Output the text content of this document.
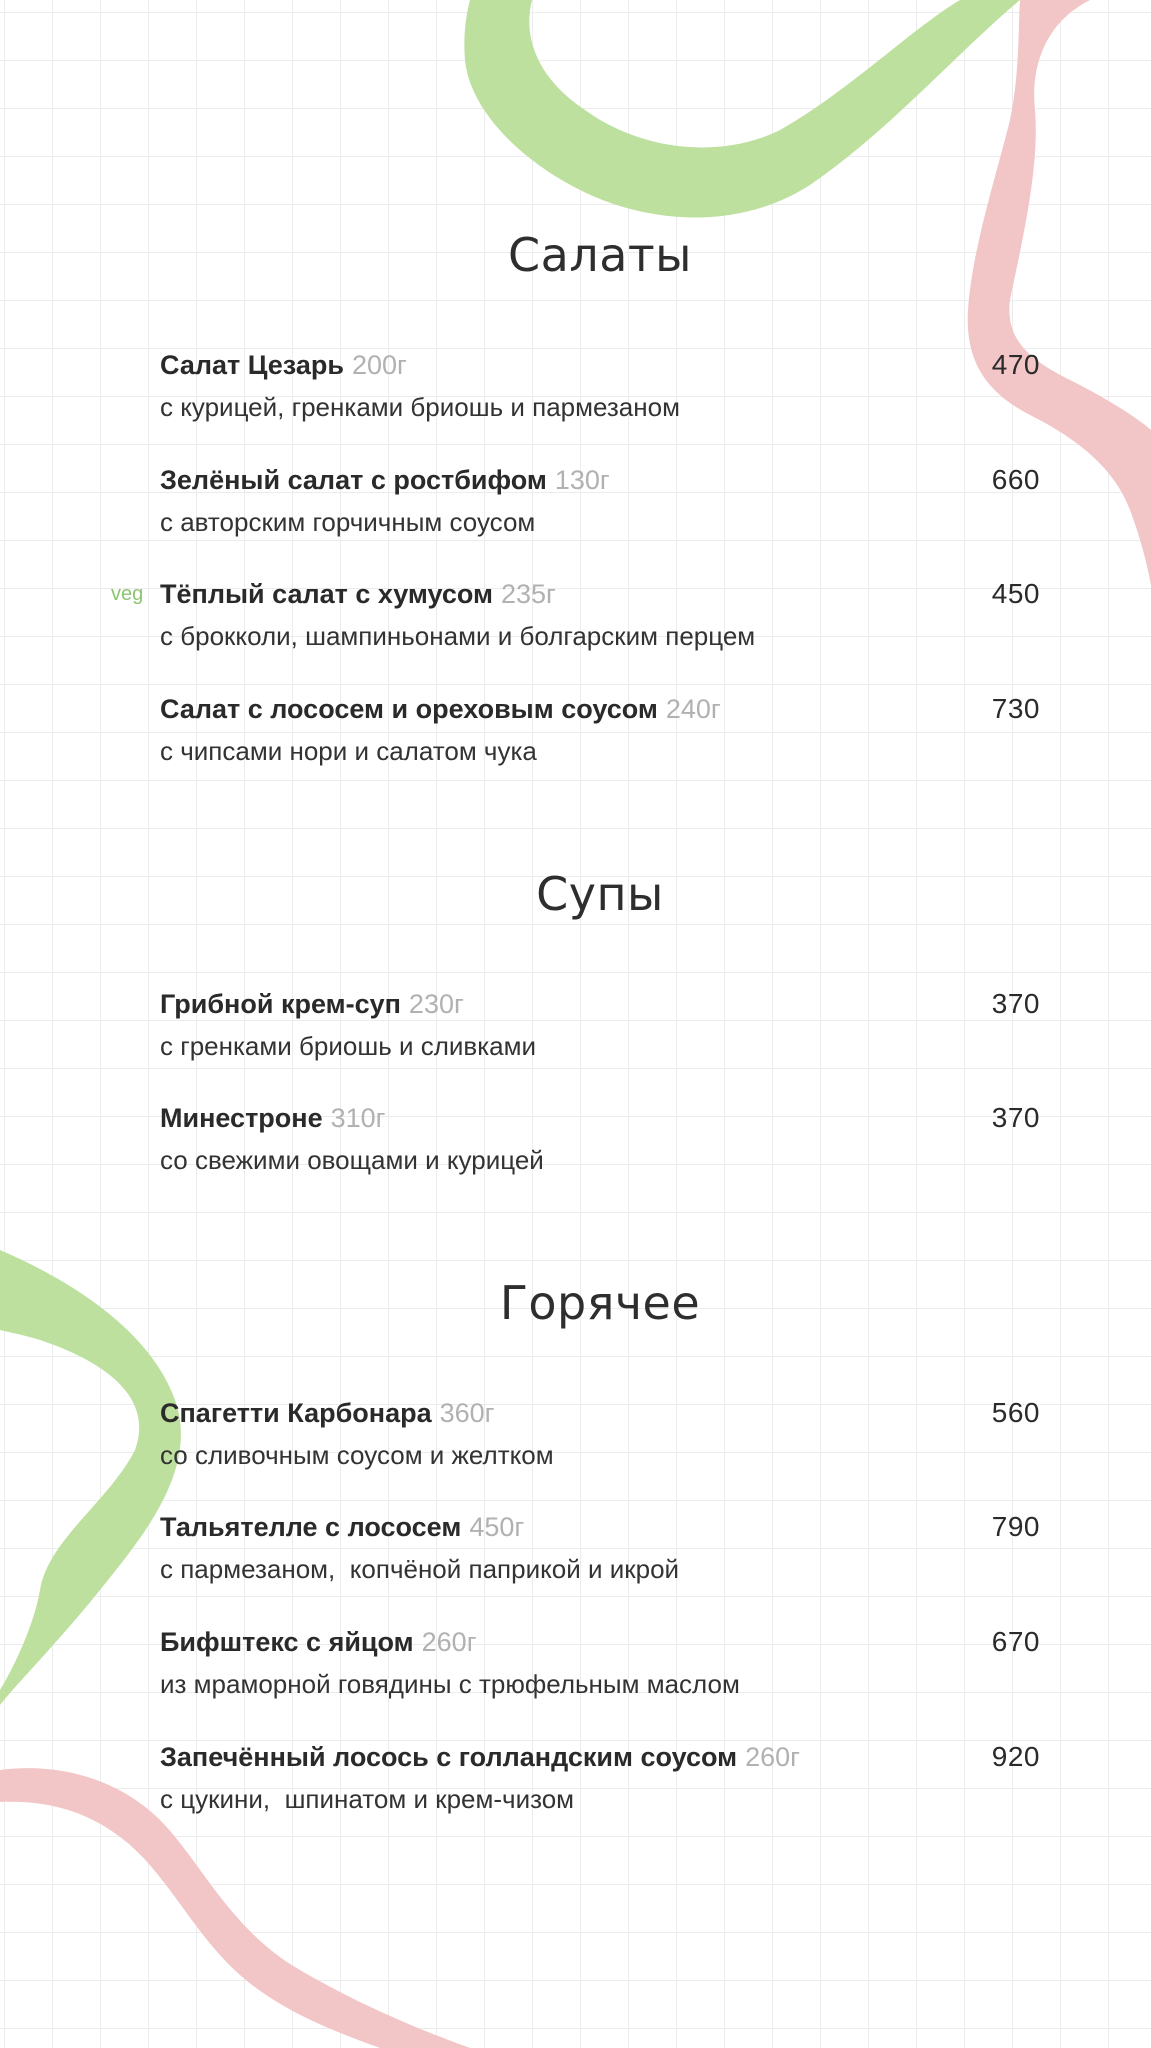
Салаты
Салат Цезарь 200г	470
с курицей, гренками бриошь и пармезаном
Зелёный салат с ростбифом 130г	660
с авторским горчичным соусом
veg Тёплый салат с хумусом 235г	450
с брокколи, шампиньонами и болгарским перцем
Салат с лососем и ореховым соусом 240г	730
с чипсами нори и салатом чука
Супы
Грибной крем-суп 230г	370
с гренками бриошь и сливками
Минестроне 310г	370
со свежими овощами и курицей
Горячее
Спагетти Карбонара 360г	560
со сливочным соусом и желтком
Тальятелле с лососем 450г	790
с пармезаном,  копчёной паприкой и икрой
Бифштекс с яйцом 260г	670
из мраморной говядины с трюфельным маслом
Запечённый лосось с голландским соусом 260г	920
с цукини,  шпинатом и крем-чизом
